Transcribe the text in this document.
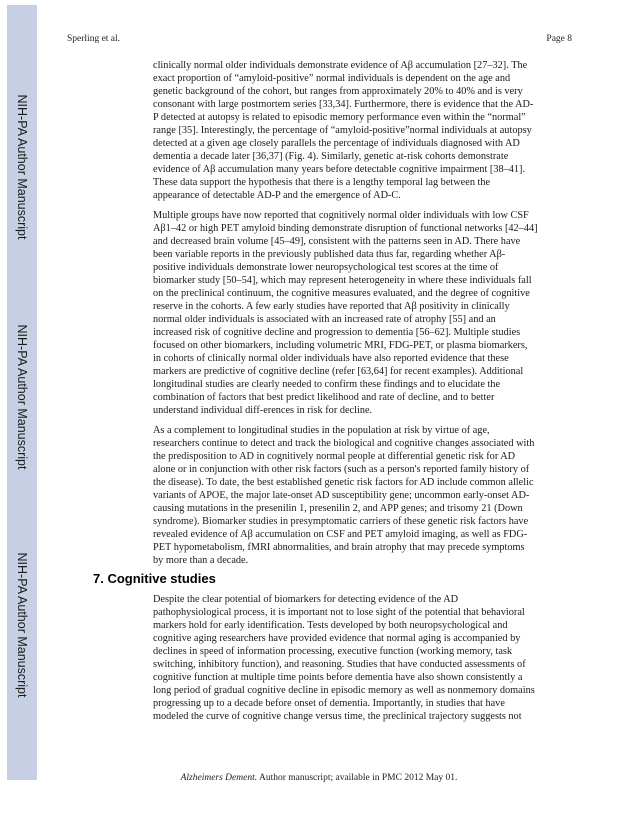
NIH-PA Author Manuscript
NIH-PA Author Manuscript
NIH-PA Author Manuscript
Sperling et al.	Page 8
clinically normal older individuals demonstrate evidence of Aβ accumulation [27–32]. The
exact proportion of “amyloid-positive” normal individuals is dependent on the age and
genetic background of the cohort, but ranges from approximately 20% to 40% and is very
consonant with large postmortem series [33,34]. Furthermore, there is evidence that the AD-
P detected at autopsy is related to episodic memory performance even within the “normal”
range [35]. Interestingly, the percentage of “amyloid-positive”normal individuals at autopsy
detected at a given age closely parallels the percentage of individuals diagnosed with AD
dementia a decade later [36,37] (Fig. 4). Similarly, genetic at-risk cohorts demonstrate
evidence of Aβ accumulation many years before detectable cognitive impairment [38–41].
These data support the hypothesis that there is a lengthy temporal lag between the
appearance of detectable AD-P and the emergence of AD-C.
Multiple groups have now reported that cognitively normal older individuals with low CSF
Aβ1–42 or high PET amyloid binding demonstrate disruption of functional networks [42–44]
and decreased brain volume [45–49], consistent with the patterns seen in AD. There have
been variable reports in the previously published data thus far, regarding whether Aβ-
positive individuals demonstrate lower neuropsychological test scores at the time of
biomarker study [50–54], which may represent heterogeneity in where these individuals fall
on the preclinical continuum, the cognitive measures evaluated, and the degree of cognitive
reserve in the cohorts. A few early studies have reported that Aβ positivity in clinically
normal older individuals is associated with an increased rate of atrophy [55] and an
increased risk of cognitive decline and progression to dementia [56–62]. Multiple studies
focused on other biomarkers, including volumetric MRI, FDG-PET, or plasma biomarkers,
in cohorts of clinically normal older individuals have also reported evidence that these
markers are predictive of cognitive decline (refer [63,64] for recent examples). Additional
longitudinal studies are clearly needed to confirm these findings and to elucidate the
combination of factors that best predict likelihood and rate of decline, and to better
understand individual diff-erences in risk for decline.
As a complement to longitudinal studies in the population at risk by virtue of age,
researchers continue to detect and track the biological and cognitive changes associated with
the predisposition to AD in cognitively normal people at differential genetic risk for AD
alone or in conjunction with other risk factors (such as a person's reported family history of
the disease). To date, the best established genetic risk factors for AD include common allelic
variants of APOE, the major late-onset AD susceptibility gene; uncommon early-onset AD-
causing mutations in the presenilin 1, presenilin 2, and APP genes; and trisomy 21 (Down
syndrome). Biomarker studies in presymptomatic carriers of these genetic risk factors have
revealed evidence of Aβ accumulation on CSF and PET amyloid imaging, as well as FDG-
PET hypometabolism, fMRI abnormalities, and brain atrophy that may precede symptoms
by more than a decade.
7. Cognitive studies
Despite the clear potential of biomarkers for detecting evidence of the AD
pathophysiological process, it is important not to lose sight of the potential that behavioral
markers hold for early identification. Tests developed by both neuropsychological and
cognitive aging researchers have provided evidence that normal aging is accompanied by
declines in speed of information processing, executive function (working memory, task
switching, inhibitory function), and reasoning. Studies that have conducted assessments of
cognitive function at multiple time points before dementia have also shown consistently a
long period of gradual cognitive decline in episodic memory as well as nonmemory domains
progressing up to a decade before onset of dementia. Importantly, in studies that have
modeled the curve of cognitive change versus time, the preclinical trajectory suggests not
Alzheimers Dement. Author manuscript; available in PMC 2012 May 01.
